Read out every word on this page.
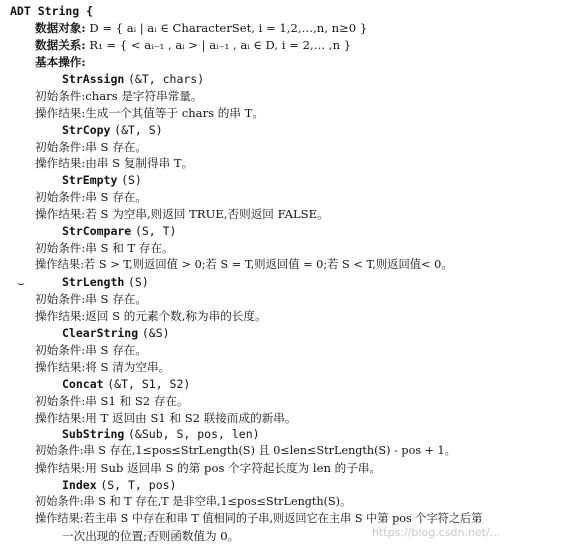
ADT String {
数据对象: D = { aᵢ | aᵢ ∈ CharacterSet, i = 1,2,…,n, n≥0 }
数据关系: R₁ = { < aᵢ₋₁ , aᵢ > | aᵢ₋₁ , aᵢ ∈ D, i = 2,… ,n }
基本操作:
StrAssign (&T, chars)
初始条件:chars 是字符串常量。
操作结果:生成一个其值等于 chars 的串 T。
StrCopy (&T, S)
初始条件:串 S 存在。
操作结果:由串 S 复制得串 T。
StrEmpty (S)
初始条件:串 S 存在。
操作结果:若 S 为空串,则返回 TRUE,否则返回 FALSE。
StrCompare (S, T)
初始条件:串 S 和 T 存在。
操作结果:若 S > T,则返回值 > 0;若 S = T,则返回值 = 0;若 S < T,则返回值< 0。
StrLength (S)
⌣
初始条件:串 S 存在。
操作结果:返回 S 的元素个数,称为串的长度。
ClearString (&S)
初始条件:串 S 存在。
操作结果:将 S 清为空串。
Concat (&T, S1, S2)
初始条件:串 S1 和 S2 存在。
操作结果:用 T 返回由 S1 和 S2 联接而成的新串。
SubString (&Sub, S, pos, len)
初始条件:串 S 存在,1≤pos≤StrLength(S) 且 0≤len≤StrLength(S) - pos + 1。
操作结果:用 Sub 返回串 S 的第 pos 个字符起长度为 len 的子串。
Index (S, T, pos)
初始条件:串 S 和 T 存在,T 是非空串,1≤pos≤StrLength(S)。
操作结果:若主串 S 中存在和串 T 值相同的子串,则返回它在主串 S 中第 pos 个字符之后第
一次出现的位置;否则函数值为 0。	https://blog.csdn.net/...
